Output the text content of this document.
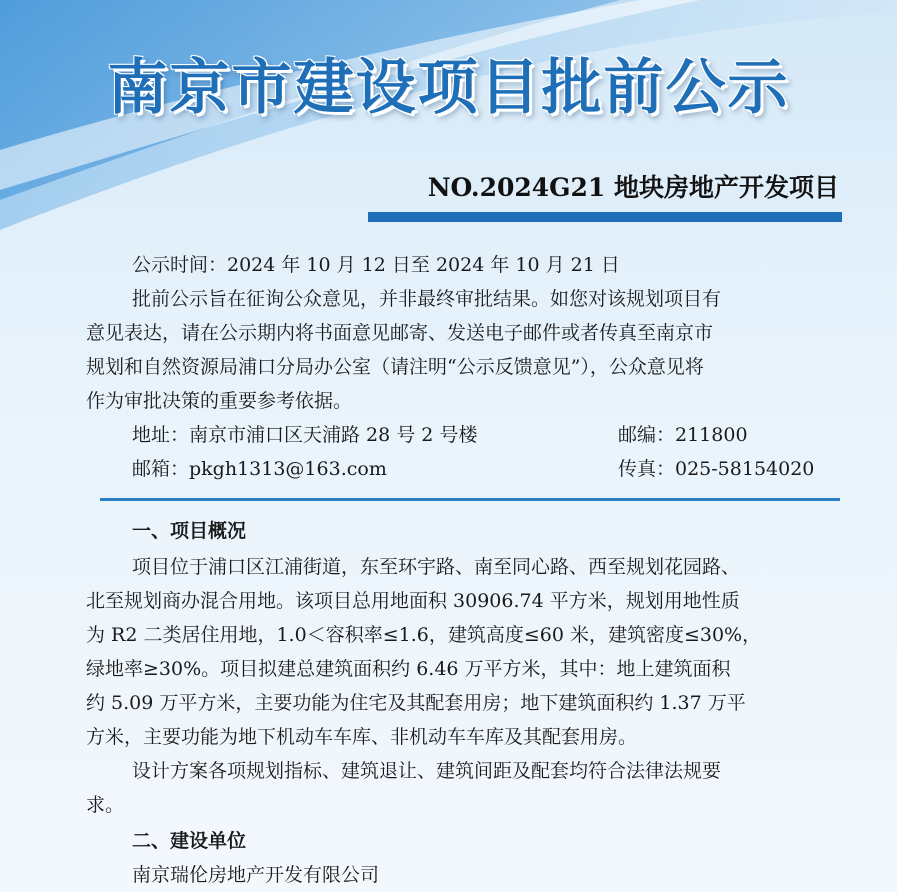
南京市建设项目批前公示
NO.2024G21 地块房地产开发项目
公示时间：2024 年 10 月 12 日至 2024 年 10 月 21 日
批前公示旨在征询公众意见，并非最终审批结果。如您对该规划项目有
意见表达，请在公示期内将书面意见邮寄、发送电子邮件或者传真至南京市
规划和自然资源局浦口分局办公室（请注明“公示反馈意见”），公众意见将
作为审批决策的重要参考依据。
地址：南京市浦口区天浦路 28 号 2 号楼	邮编：211800
邮箱：pkgh1313@163.com	传真：025-58154020
一、项目概况
项目位于浦口区江浦街道，东至环宇路、南至同心路、西至规划花园路、
北至规划商办混合用地。该项目总用地面积 30906.74 平方米，规划用地性质
为 R2 二类居住用地，1.0＜容积率≤1.6，建筑高度≤60 米，建筑密度≤30%，
绿地率≥30%。项目拟建总建筑面积约 6.46 万平方米，其中：地上建筑面积
约 5.09 万平方米，主要功能为住宅及其配套用房；地下建筑面积约 1.37 万平
方米，主要功能为地下机动车车库、非机动车车库及其配套用房。
设计方案各项规划指标、建筑退让、建筑间距及配套均符合法律法规要
求。
二、建设单位
南京瑞伦房地产开发有限公司
